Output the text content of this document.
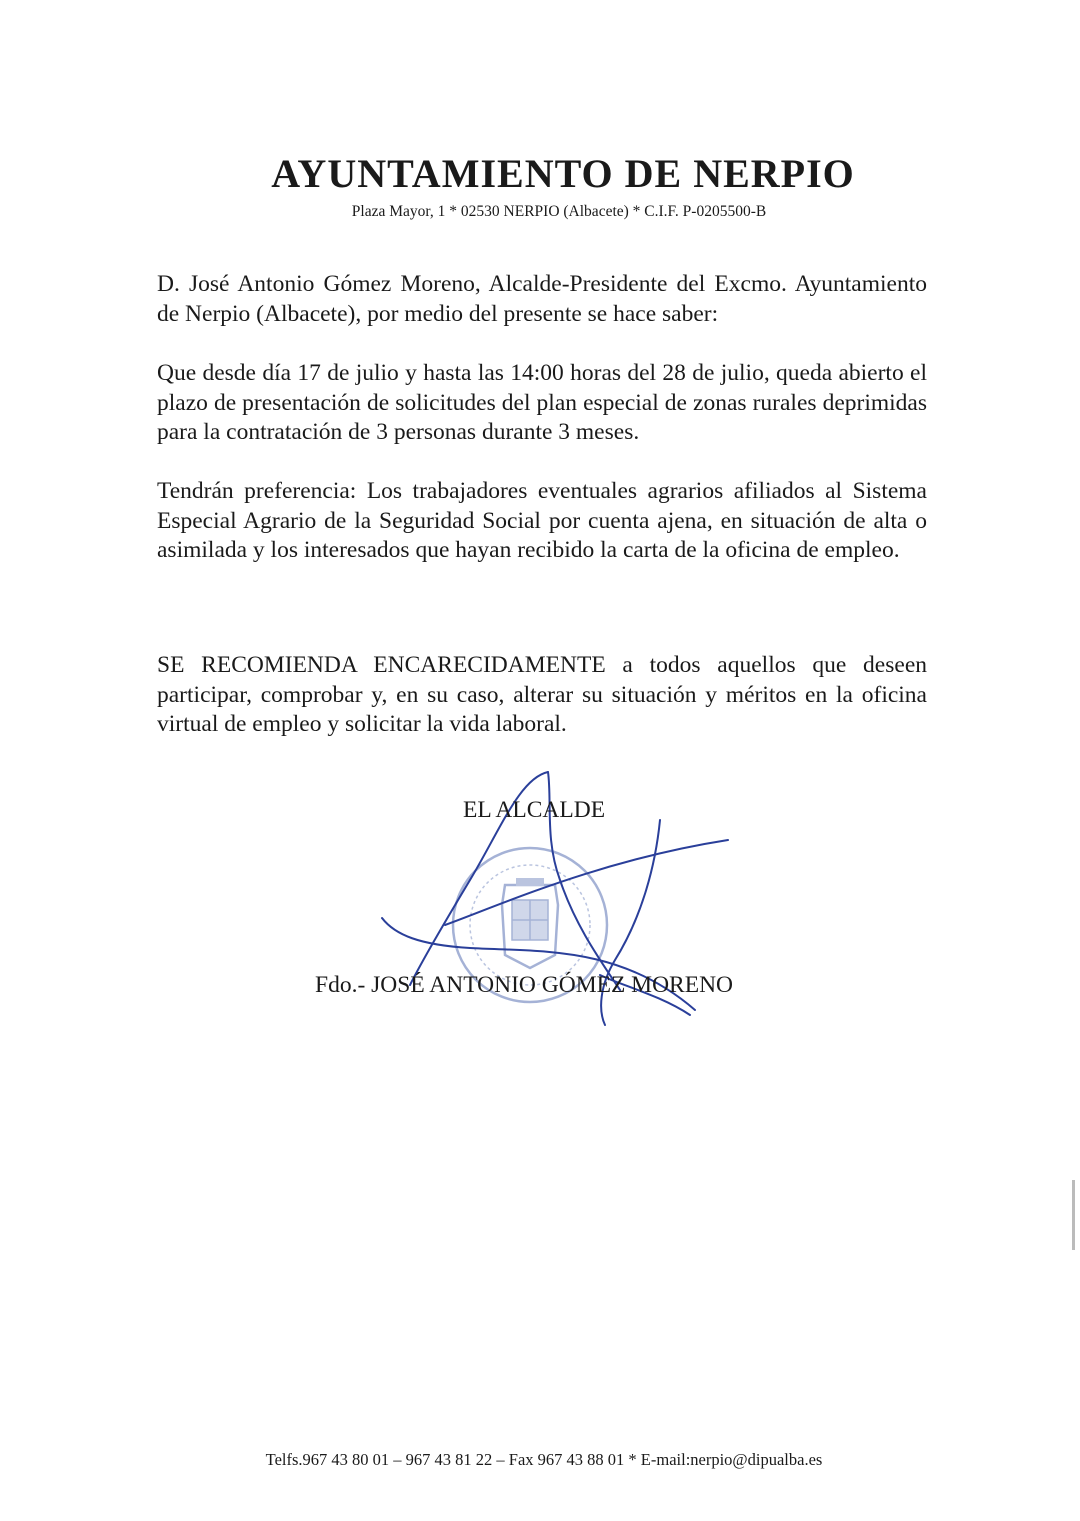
AYUNTAMIENTO DE NERPIO

Plaza Mayor, 1 * 02530 NERPIO (Albacete) * C.I.F. P-0205500-B

D. José Antonio Gómez Moreno, Alcalde-Presidente del Excmo. Ayuntamiento de Nerpio (Albacete), por medio del presente se hace saber:

Que desde día 17 de julio y hasta las 14:00 horas del 28 de julio, queda abierto el plazo de presentación de solicitudes del plan especial de zonas rurales deprimidas para la contratación de 3 personas durante 3 meses.

Tendrán preferencia: Los trabajadores eventuales agrarios afiliados al Sistema Especial Agrario de la Seguridad Social por cuenta ajena, en situación de alta o asimilada y los interesados que hayan recibido la carta de la oficina de empleo.

SE RECOMIENDA ENCARECIDAMENTE a todos aquellos que deseen participar, comprobar y, en su caso, alterar su situación y méritos en la oficina virtual de empleo y solicitar la vida laboral.

EL ALCALDE

Fdo.- JOSÉ ANTONIO GÓMEZ MORENO

Telfs.967 43 80 01 – 967 43 81 22 – Fax 967 43 88 01 * E-mail:nerpio@dipualba.es
